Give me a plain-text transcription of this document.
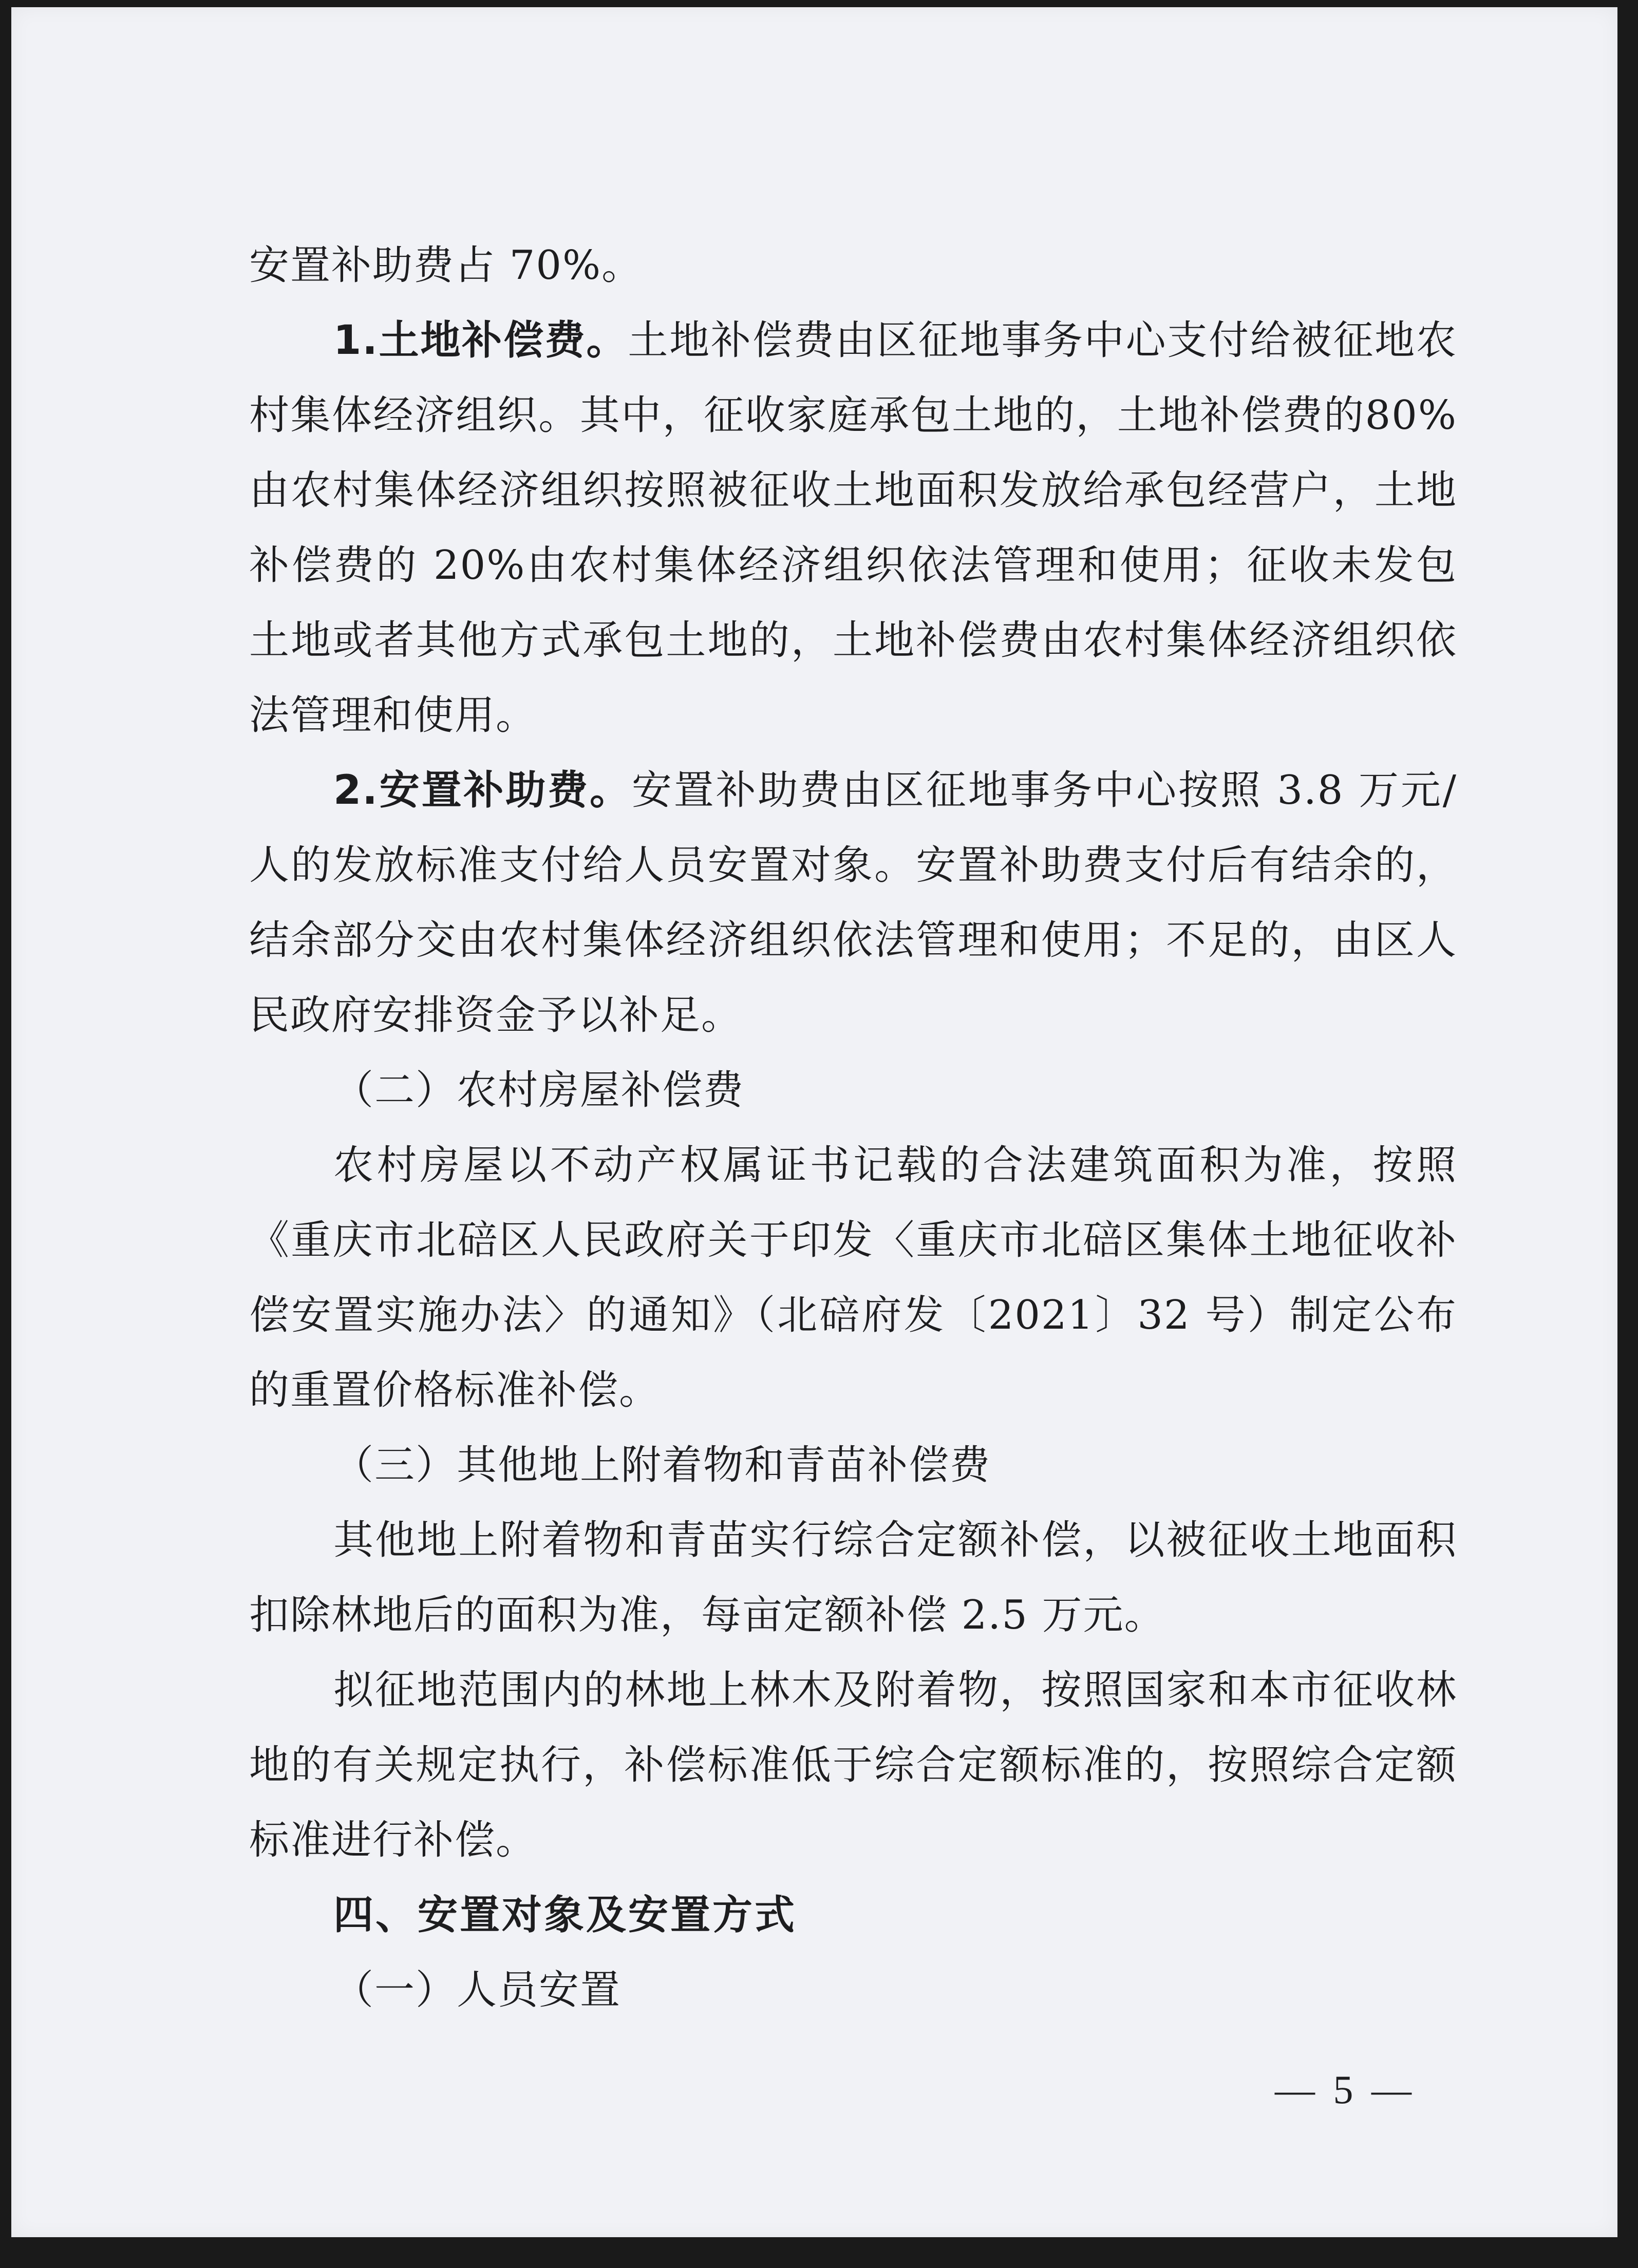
安置补助费占 70%。

1.土地补偿费。土地补偿费由区征地事务中心支付给被征地农村集体经济组织。其中，征收家庭承包土地的，土地补偿费的80%由农村集体经济组织按照被征收土地面积发放给承包经营户，土地补偿费的 20%由农村集体经济组织依法管理和使用；征收未发包土地或者其他方式承包土地的，土地补偿费由农村集体经济组织依法管理和使用。

2.安置补助费。安置补助费由区征地事务中心按照 3.8 万元/人的发放标准支付给人员安置对象。安置补助费支付后有结余的，结余部分交由农村集体经济组织依法管理和使用；不足的，由区人民政府安排资金予以补足。

（二）农村房屋补偿费

农村房屋以不动产权属证书记载的合法建筑面积为准，按照《重庆市北碚区人民政府关于印发〈重庆市北碚区集体土地征收补偿安置实施办法〉的通知》（北碚府发〔2021〕32 号）制定公布的重置价格标准补偿。

（三）其他地上附着物和青苗补偿费

其他地上附着物和青苗实行综合定额补偿，以被征收土地面积扣除林地后的面积为准，每亩定额补偿 2.5 万元。

拟征地范围内的林地上林木及附着物，按照国家和本市征收林地的有关规定执行，补偿标准低于综合定额标准的，按照综合定额标准进行补偿。

四、安置对象及安置方式

（一）人员安置

— 5 —
